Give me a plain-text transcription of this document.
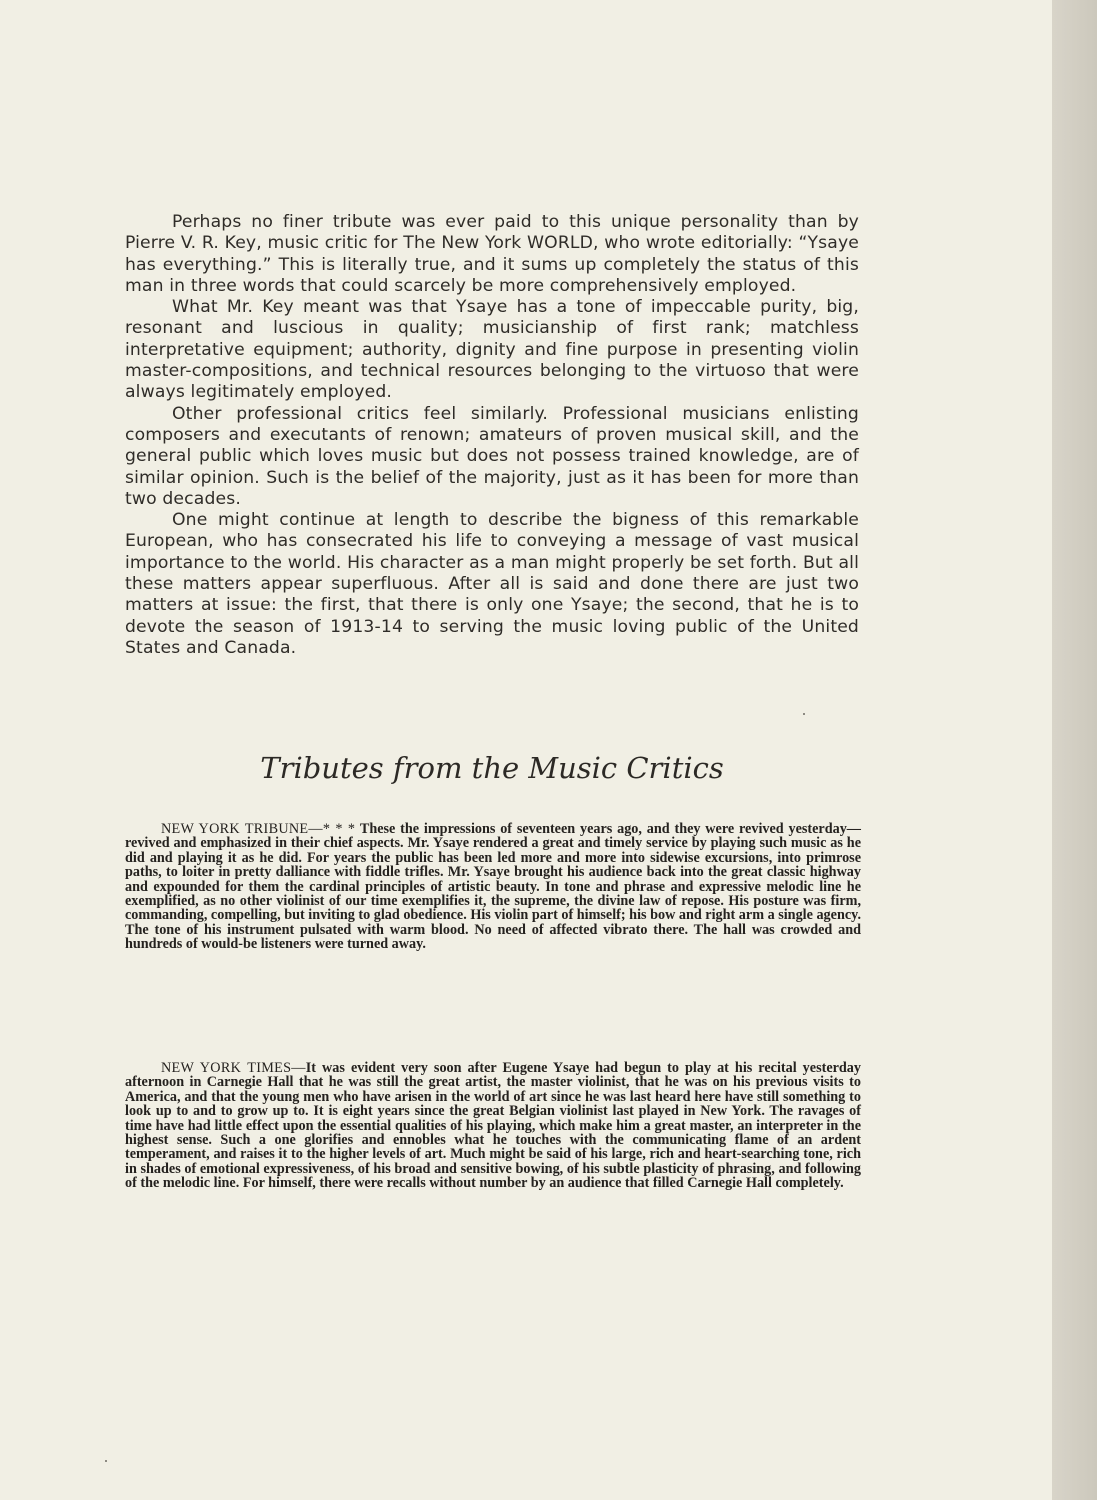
Perhaps no finer tribute was ever paid to this unique personality than by Pierre V. R. Key, music critic for The New York WORLD, who wrote editorially: “Ysaye has everything.” This is literally true, and it sums up completely the status of this man in three words that could scarcely be more comprehensively employed.

What Mr. Key meant was that Ysaye has a tone of impeccable purity, big, resonant and luscious in quality; musicianship of first rank; matchless interpretative equipment; authority, dignity and fine purpose in presenting violin master-compositions, and technical resources belonging to the virtuoso that were always legitimately employed.

Other professional critics feel similarly. Professional musicians enlisting composers and executants of renown; amateurs of proven musical skill, and the general public which loves music but does not possess trained knowledge, are of similar opinion. Such is the belief of the majority, just as it has been for more than two decades.

One might continue at length to describe the bigness of this remarkable European, who has consecrated his life to conveying a message of vast musical importance to the world. His character as a man might properly be set forth. But all these matters appear superfluous. After all is said and done there are just two matters at issue: the first, that there is only one Ysaye; the second, that he is to devote the season of 1913-14 to serving the music loving public of the United States and Canada.

Tributes from the Music Critics

NEW YORK TRIBUNE—* * * These the impressions of seventeen years ago, and they were revived yesterday—revived and emphasized in their chief aspects. Mr. Ysaye rendered a great and timely service by playing such music as he did and playing it as he did. For years the public has been led more and more into sidewise excursions, into primrose paths, to loiter in pretty dalliance with fiddle trifles. Mr. Ysaye brought his audience back into the great classic highway and expounded for them the cardinal principles of artistic beauty. In tone and phrase and expressive melodic line he exemplified, as no other violinist of our time exemplifies it, the supreme, the divine law of repose. His posture was firm, commanding, compelling, but inviting to glad obedience. His violin part of himself; his bow and right arm a single agency. The tone of his instrument pulsated with warm blood. No need of affected vibrato there. The hall was crowded and hundreds of would-be listeners were turned away.

NEW YORK TIMES—It was evident very soon after Eugene Ysaye had begun to play at his recital yesterday afternoon in Carnegie Hall that he was still the great artist, the master violinist, that he was on his previous visits to America, and that the young men who have arisen in the world of art since he was last heard here have still something to look up to and to grow up to. It is eight years since the great Belgian violinist last played in New York. The ravages of time have had little effect upon the essential qualities of his playing, which make him a great master, an interpreter in the highest sense. Such a one glorifies and ennobles what he touches with the communicating flame of an ardent temperament, and raises it to the higher levels of art. Much might be said of his large, rich and heart-searching tone, rich in shades of emotional expressiveness, of his broad and sensitive bowing, of his subtle plasticity of phrasing, and following of the melodic line. For himself, there were recalls without number by an audience that filled Carnegie Hall completely.
